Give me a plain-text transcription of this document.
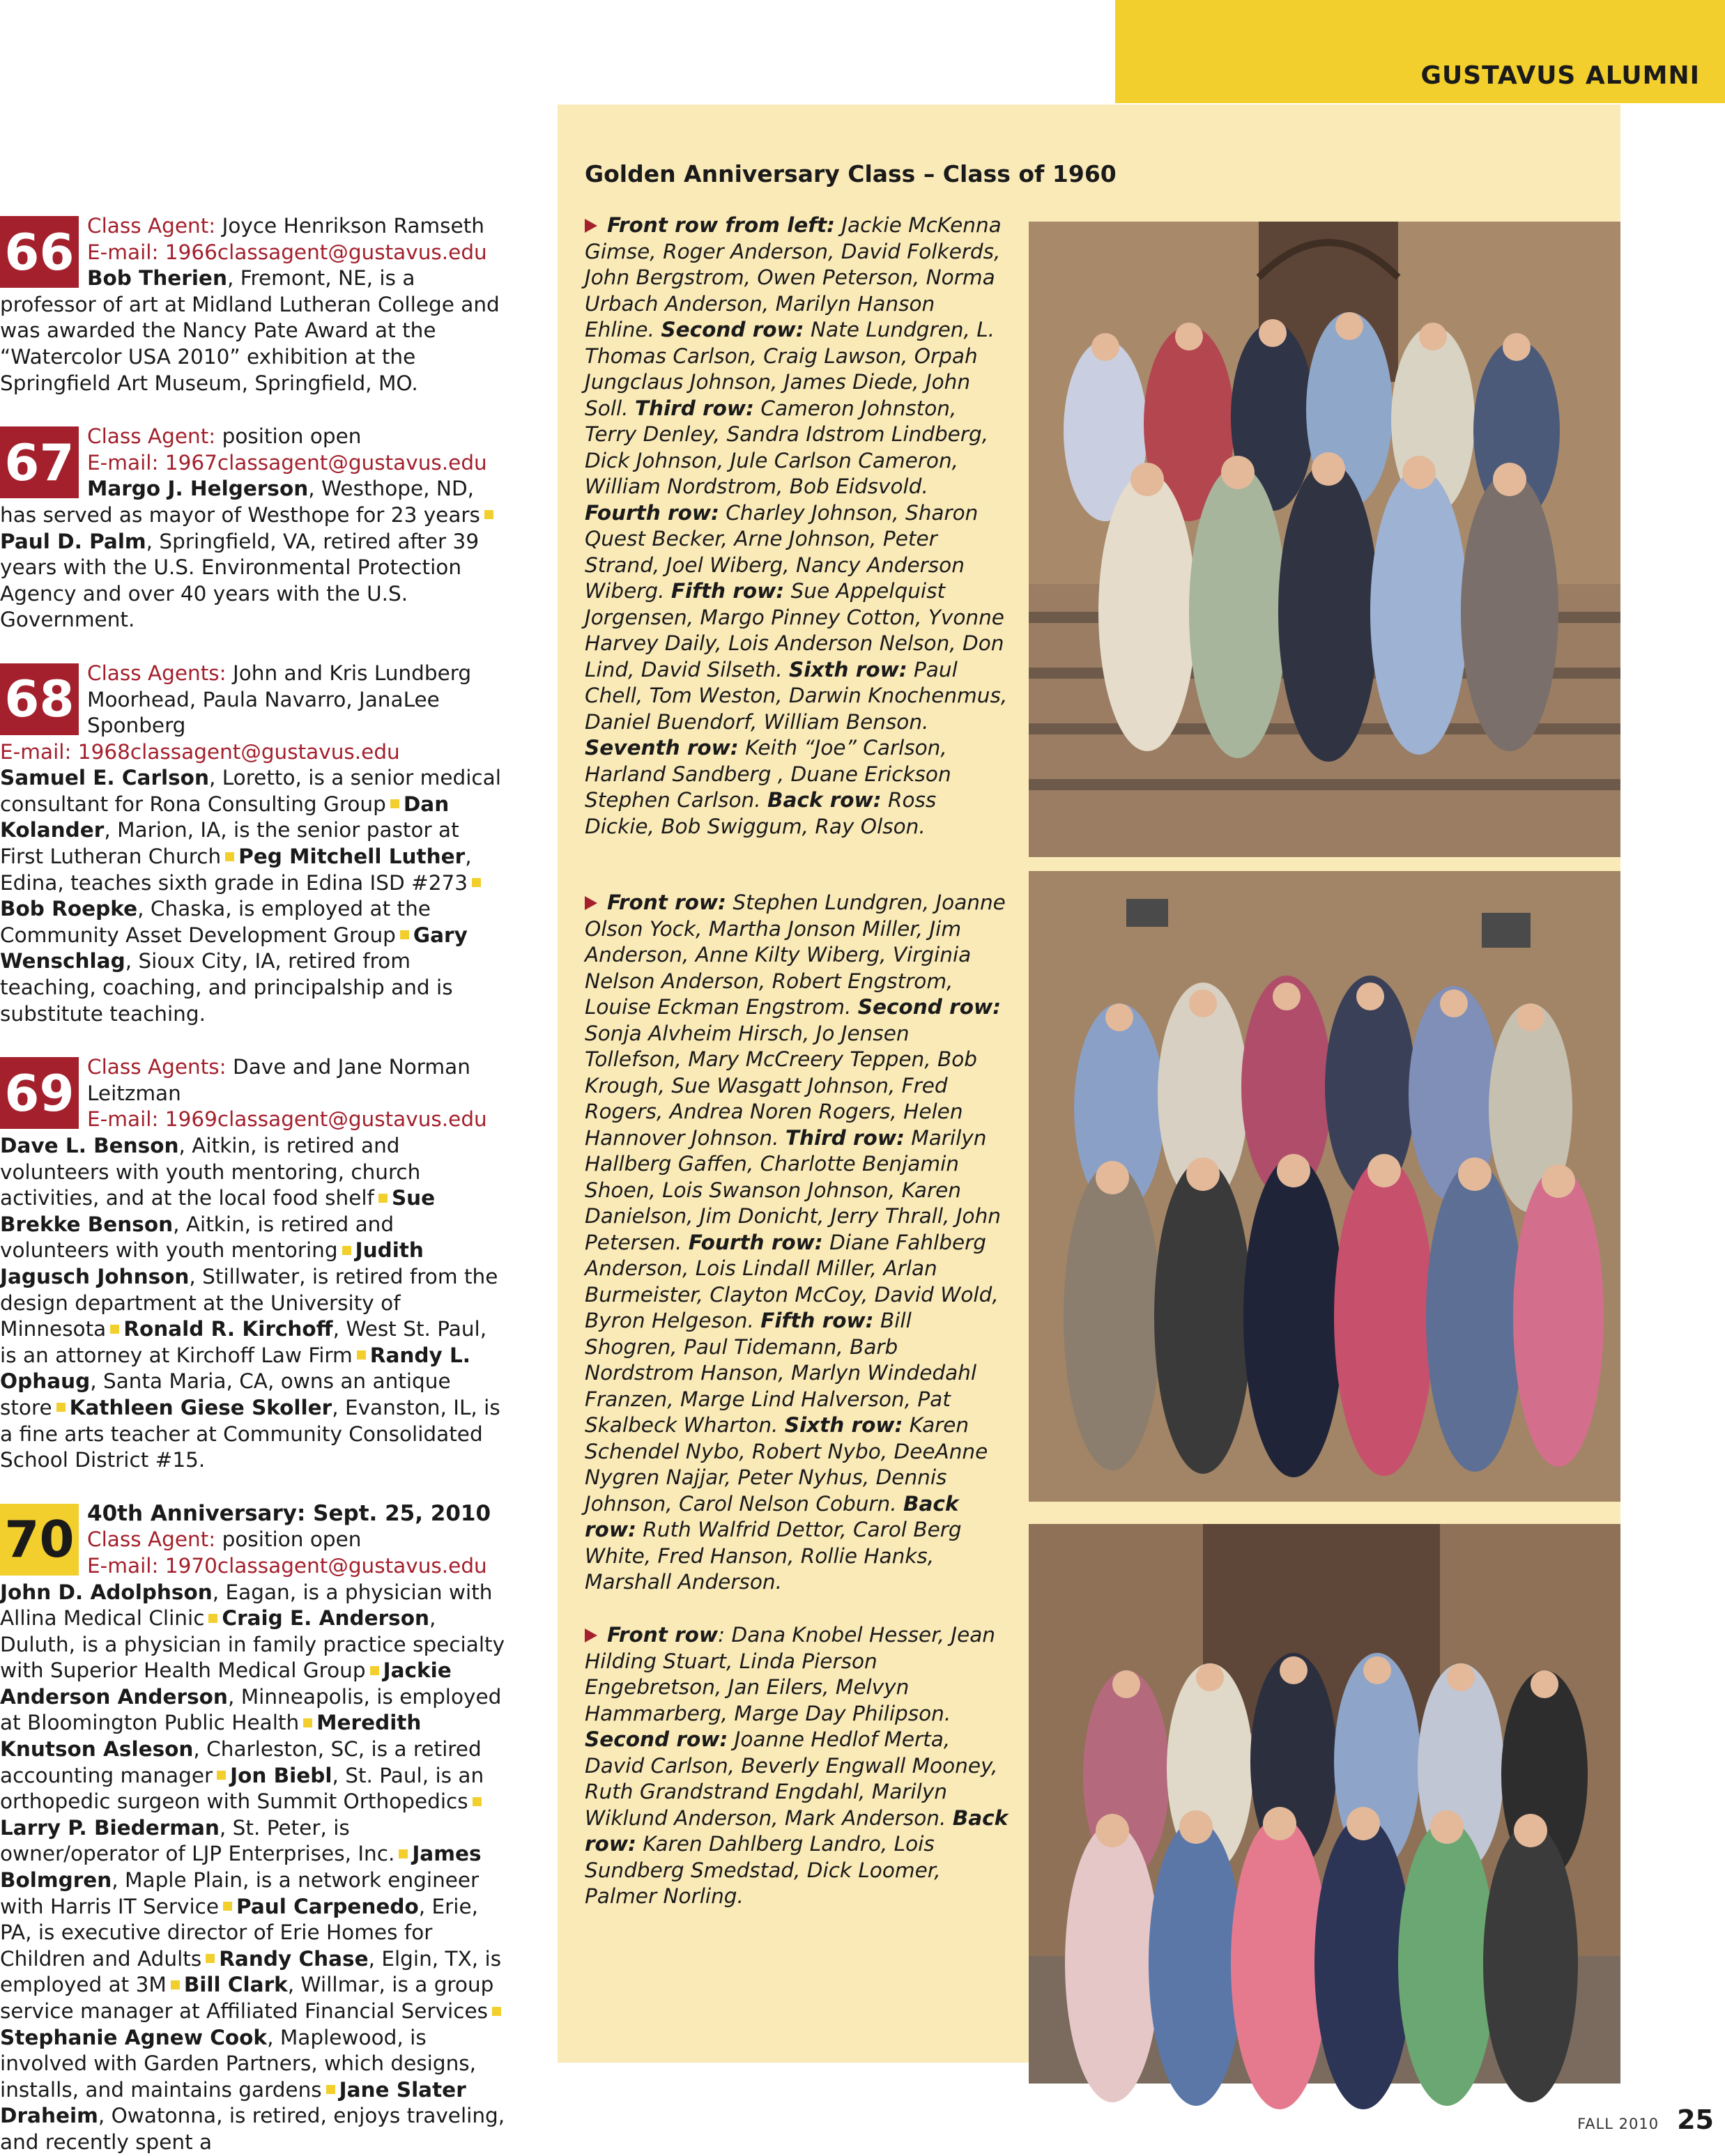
GUSTAVUS ALUMNI
66 Class Agent: Joyce Henrikson Ramseth
E-mail: 1966classagent@gustavus.edu
Bob Therien, Fremont, NE, is a professor of art at Midland Lutheran College and was awarded the Nancy Pate Award at the “Watercolor USA 2010” exhibition at the Springfield Art Museum, Springfield, MO.
67 Class Agent: position open
E-mail: 1967classagent@gustavus.edu
Margo J. Helgerson, Westhope, ND, has served as mayor of Westhope for 23 yearsPaul D. Palm, Springfield, VA, retired after 39 years with the U.S. Environmental Protection Agency and over 40 years with the U.S. Government.
68 Class Agents: John and Kris Lundberg Moorhead, Paula Navarro, JanaLee Sponberg
E-mail: 1968classagent@gustavus.edu
Samuel E. Carlson, Loretto, is a senior medical consultant for Rona Consulting Group Dan Kolander, Marion, IA, is the senior pastor at First Lutheran Church Peg Mitchell Luther, Edina, teaches sixth grade in Edina ISD #273Bob Roepke, Chaska, is employed at the Community Asset Development Group Gary Wenschlag, Sioux City, IA, retired from teaching, coaching, and principalship and is substitute teaching.
69 Class Agents: Dave and Jane Norman Leitzman
E-mail: 1969classagent@gustavus.edu
Dave L. Benson, Aitkin, is retired and volunteers with youth mentoring, church activities, and at the local food shelf Sue Brekke Benson, Aitkin, is retired and volunteers with youth mentoring Judith Jagusch Johnson, Stillwater, is retired from the design department at the University of Minnesota Ronald R. Kirchoff, West St. Paul, is an attorney at Kirchoff Law Firm Randy L. Ophaug, Santa Maria, CA, owns an antique store Kathleen Giese Skoller, Evanston, IL, is a fine arts teacher at Community Consolidated School District #15.
70 40th Anniversary: Sept. 25, 2010
Class Agent: position open
E-mail: 1970classagent@gustavus.edu
John D. Adolphson, Eagan, is a physician with Allina Medical Clinic Craig E. Anderson, Duluth, is a physician in family practice specialty with Superior Health Medical Group Jackie Anderson Anderson, Minneapolis, is employed at Bloomington Public Health Meredith Knutson Asleson, Charleston, SC, is a retired accounting manager Jon Biebl, St. Paul, is an orthopedic surgeon with Summit OrthopedicsLarry P. Biederman, St. Peter, is owner/operator of LJP Enterprises, Inc. James Bolmgren, Maple Plain, is a network engineer with Harris IT Service Paul Carpenedo, Erie, PA, is executive director of Erie Homes for Children and Adults Randy Chase, Elgin, TX, is employed at 3M Bill Clark, Willmar, is a group service manager at Affiliated Financial ServicesStephanie Agnew Cook, Maplewood, is involved with Garden Partners, which designs, installs, and maintains gardens Jane Slater Draheim, Owatonna, is retired, enjoys traveling, and recently spent a
Golden Anniversary Class – Class of 1960
Front row from left: Jackie McKenna Gimse, Roger Anderson, David Folkerds, John Bergstrom, Owen Peterson, Norma Urbach Anderson, Marilyn Hanson Ehline. Second row: Nate Lundgren, L. Thomas Carlson, Craig Lawson, Orpah Jungclaus Johnson, James Diede, John Soll. Third row: Cameron Johnston, Terry Denley, Sandra Idstrom Lindberg, Dick Johnson, Jule Carlson Cameron, William Nordstrom, Bob Eidsvold. Fourth row: Charley Johnson, Sharon Quest Becker, Arne Johnson, Peter Strand, Joel Wiberg, Nancy Anderson Wiberg. Fifth row: Sue Appelquist Jorgensen, Margo Pinney Cotton, Yvonne Harvey Daily, Lois Anderson Nelson, Don Lind, David Silseth. Sixth row: Paul Chell, Tom Weston, Darwin Knochenmus, Daniel Buendorf, William Benson. Seventh row: Keith “Joe” Carlson, Harland Sandberg , Duane Erickson Stephen Carlson. Back row: Ross Dickie, Bob Swiggum, Ray Olson.
Front row: Stephen Lundgren, Joanne Olson Yock, Martha Jonson Miller, Jim Anderson, Anne Kilty Wiberg, Virginia Nelson Anderson, Robert Engstrom, Louise Eckman Engstrom. Second row: Sonja Alvheim Hirsch, Jo Jensen Tollefson, Mary McCreery Teppen, Bob Krough, Sue Wasgatt Johnson, Fred Rogers, Andrea Noren Rogers, Helen Hannover Johnson. Third row: Marilyn Hallberg Gaffen, Charlotte Benjamin Shoen, Lois Swanson Johnson, Karen Danielson, Jim Donicht, Jerry Thrall, John Petersen. Fourth row: Diane Fahlberg Anderson, Lois Lindall Miller, Arlan Burmeister, Clayton McCoy, David Wold, Byron Helgeson. Fifth row: Bill Shogren, Paul Tidemann, Barb Nordstrom Hanson, Marlyn Windedahl Franzen, Marge Lind Halverson, Pat Skalbeck Wharton. Sixth row: Karen Schendel Nybo, Robert Nybo, DeeAnne Nygren Najjar, Peter Nyhus, Dennis Johnson, Carol Nelson Coburn. Back row: Ruth Walfrid Dettor, Carol Berg White, Fred Hanson, Rollie Hanks, Marshall Anderson.
Front row: Dana Knobel Hesser, Jean Hilding Stuart, Linda Pierson Engebretson, Jan Eilers, Melvyn Hammarberg, Marge Day Philipson. Second row: Joanne Hedlof Merta, David Carlson, Beverly Engwall Mooney, Ruth Grandstrand Engdahl, Marilyn Wiklund Anderson, Mark Anderson. Back row: Karen Dahlberg Landro, Lois Sundberg Smedstad, Dick Loomer, Palmer Norling.
FALL 2010 25
